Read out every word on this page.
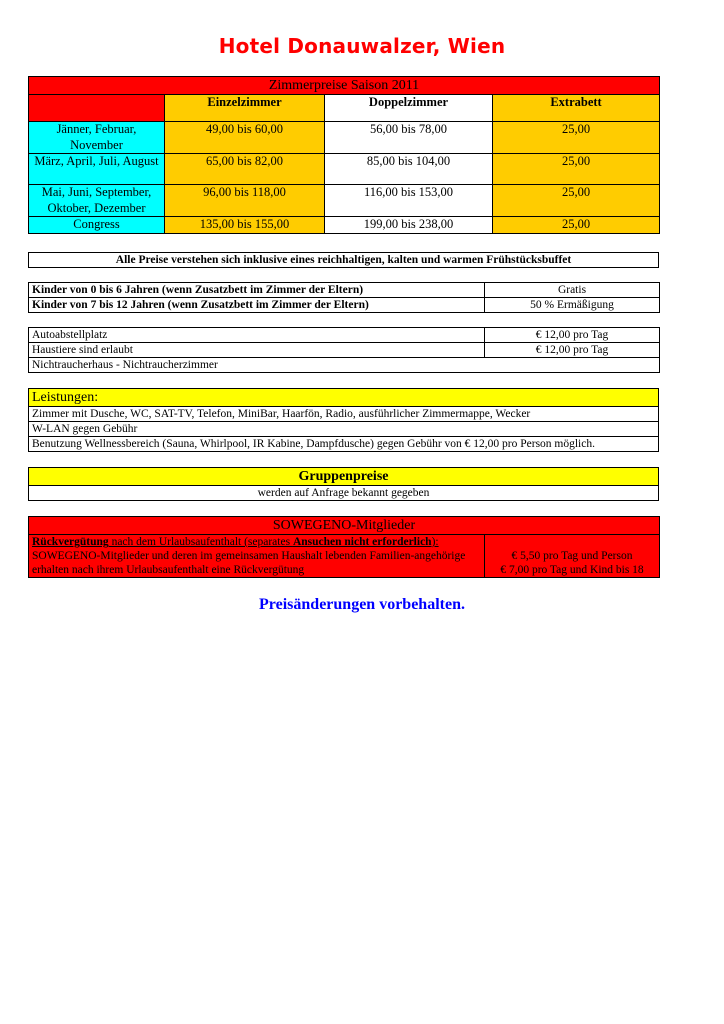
Hotel Donauwalzer, Wien
Zimmerpreise Saison 2011			
	Einzelzimmer	Doppelzimmer	Extrabett
Jänner, Februar, November	49,00 bis 60,00	56,00 bis 78,00	25,00
März, April, Juli, August	65,00 bis 82,00	85,00 bis 104,00	25,00
Mai, Juni, September, Oktober, Dezember	96,00 bis 118,00	116,00 bis 153,00	25,00
Congress	135,00 bis 155,00	199,00 bis 238,00	25,00
Alle Preise verstehen sich inklusive eines reichhaltigen, kalten und warmen Frühstücksbuffet
Kinder von 0 bis 6 Jahren (wenn Zusatzbett im Zimmer der Eltern)	Gratis
Kinder von 7 bis 12 Jahren (wenn Zusatzbett im Zimmer der Eltern)	50 % Ermäßigung
Autoabstellplatz	€ 12,00 pro Tag
Haustiere sind erlaubt	€ 12,00 pro Tag
Nichtraucherhaus - Nichtraucherzimmer	
Leistungen:
Zimmer mit Dusche, WC, SAT-TV, Telefon, MiniBar, Haarfön, Radio, ausführlicher Zimmermappe, Wecker
W-LAN gegen Gebühr
Benutzung Wellnessbereich (Sauna, Whirlpool, IR Kabine, Dampfdusche) gegen Gebühr von € 12,00 pro Person möglich.
Gruppenpreise
werden auf Anfrage bekannt gegeben
SOWEGENO-Mitglieder
Rückvergütung nach dem Urlaubsaufenthalt (separates Ansuchen nicht erforderlich):
SOWEGENO-Mitglieder und deren im gemeinsamen Haushalt lebenden Familien-angehörige erhalten nach ihrem Urlaubsaufenthalt eine Rückvergütung	€ 5,50 pro Tag und Person
€ 7,00 pro Tag und Kind bis 18
Preisänderungen vorbehalten.
